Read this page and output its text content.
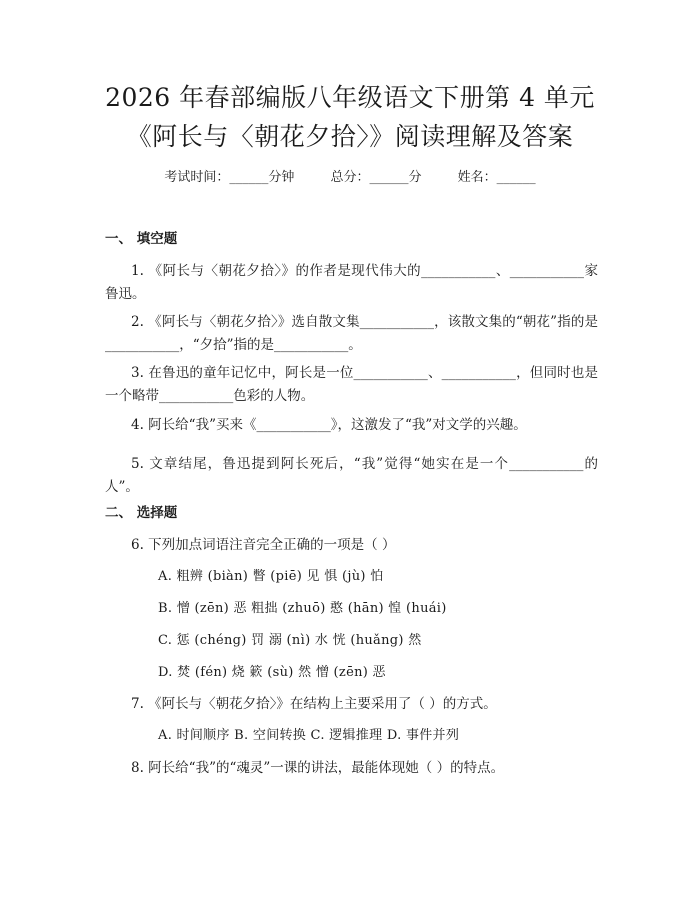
2026 年春部编版八年级语文下册第 4 单元
《阿长与〈朝花夕拾〉》阅读理解及答案
考试时间：______分钟	总分：______分	姓名：______
一、 填空题
1. 《阿长与〈朝花夕拾〉》的作者是现代伟大的___________、___________家鲁迅。
2. 《阿长与〈朝花夕拾〉》选自散文集___________，该散文集的“朝花”指的是___________，“夕拾”指的是___________。
3. 在鲁迅的童年记忆中，阿长是一位___________、___________，但同时也是一个略带___________色彩的人物。
4. 阿长给“我”买来《___________》，这激发了“我”对文学的兴趣。
5. 文章结尾，鲁迅提到阿长死后，“我”觉得“她实在是一个___________的人”。
二、 选择题
6. 下列加点词语注音完全正确的一项是（ ）
A. 粗辨 (biàn) 瞥 (piē) 见 惧 (jù) 怕
B. 憎 (zēn) 恶 粗拙 (zhuō) 憨 (hān) 惶 (huái)
C. 惩 (chéng) 罚 溺 (nì) 水 恍 (huǎng) 然
D. 焚 (fén) 烧 簌 (sù) 然 憎 (zēn) 恶
7. 《阿长与〈朝花夕拾〉》在结构上主要采用了（ ）的方式。
A. 时间顺序 B. 空间转换 C. 逻辑推理 D. 事件并列
8. 阿长给“我”的“魂灵”一课的讲法，最能体现她（ ）的特点。
